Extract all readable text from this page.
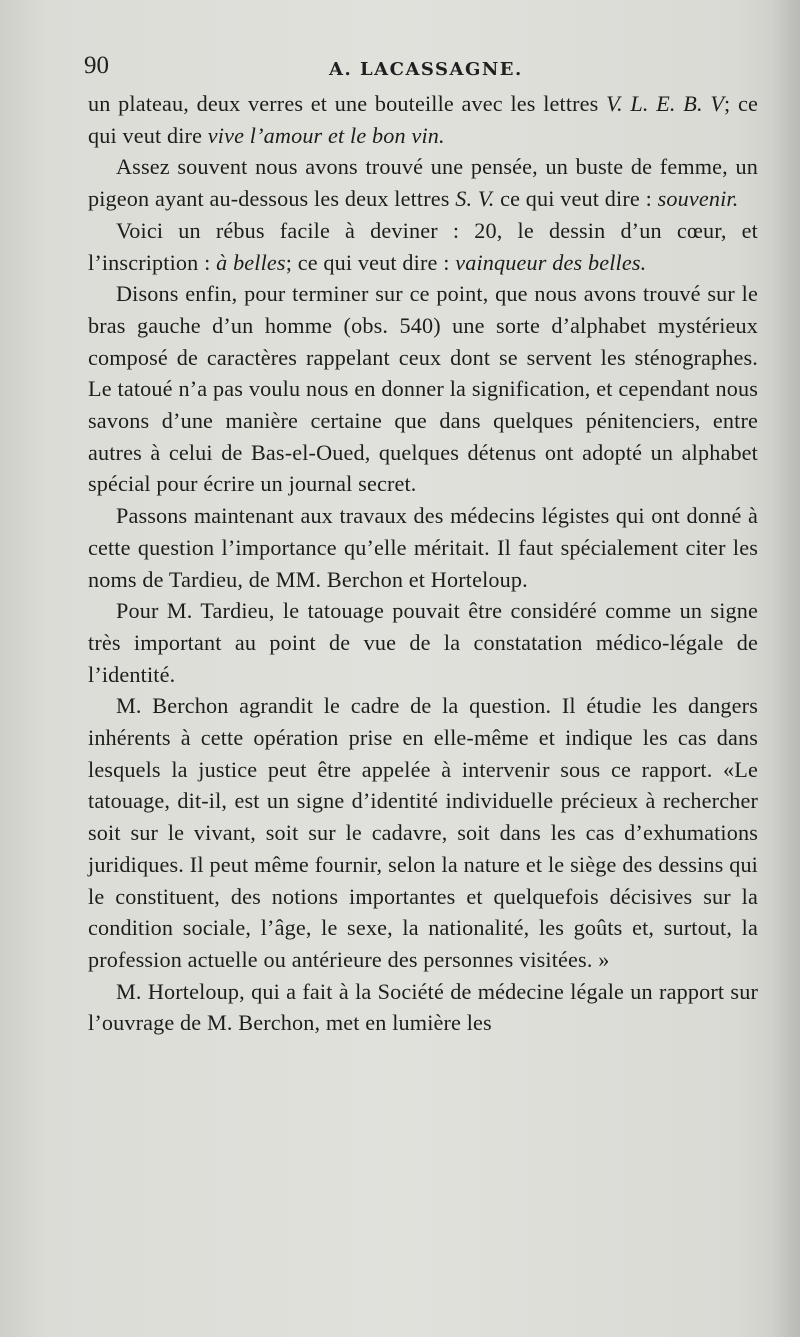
90	A. LACASSAGNE.

un plateau, deux verres et une bouteille avec les lettres V. L. E. B. V; ce qui veut dire vive l’amour et le bon vin.

Assez souvent nous avons trouvé une pensée, un buste de femme, un pigeon ayant au-dessous les deux lettres S. V. ce qui veut dire : souvenir.

Voici un rébus facile à deviner : 20, le dessin d’un cœur, et l’inscription : à belles; ce qui veut dire : vainqueur des belles.

Disons enfin, pour terminer sur ce point, que nous avons trouvé sur le bras gauche d’un homme (obs. 540) une sorte d’alphabet mystérieux composé de caractères rappelant ceux dont se servent les sténographes. Le tatoué n’a pas voulu nous en donner la signification, et cependant nous savons d’une manière certaine que dans quelques pénitenciers, entre autres à celui de Bas-el-Oued, quelques détenus ont adopté un alphabet spécial pour écrire un journal secret.

Passons maintenant aux travaux des médecins légistes qui ont donné à cette question l’importance qu’elle méritait. Il faut spécialement citer les noms de Tardieu, de MM. Berchon et Horteloup.

Pour M. Tardieu, le tatouage pouvait être considéré comme un signe très important au point de vue de la constatation médico-légale de l’identité.

M. Berchon agrandit le cadre de la question. Il étudie les dangers inhérents à cette opération prise en elle-même et indique les cas dans lesquels la justice peut être appelée à intervenir sous ce rapport. «Le tatouage, dit-il, est un signe d’identité individuelle précieux à rechercher soit sur le vivant, soit sur le cadavre, soit dans les cas d’exhumations juridiques. Il peut même fournir, selon la nature et le siège des dessins qui le constituent, des notions importantes et quelquefois décisives sur la condition sociale, l’âge, le sexe, la nationalité, les goûts et, surtout, la profession actuelle ou antérieure des personnes visitées. »

M. Horteloup, qui a fait à la Société de médecine légale un rapport sur l’ouvrage de M. Berchon, met en lumière les
